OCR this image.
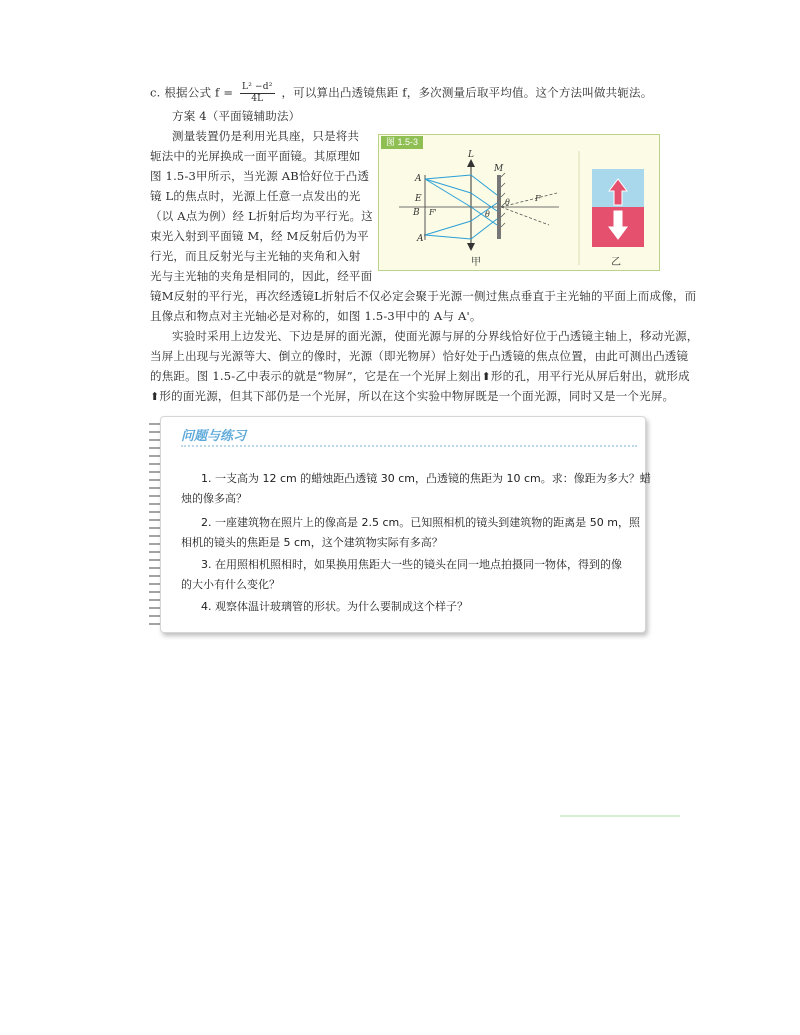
c. 根据公式 $f = \frac{\text{L² −d²}}{4L}$ ，可以算出凸透镜焦距 f，多次测量后取平均值。这个方法叫做共轭法。
方案 4（平面镜辅助法）
测量装置仍是利用光具座，只是将共
轭法中的光屏换成一面平面镜。其原理如
图 1.5-3甲所示，当光源 AB恰好位于凸透
镜 L的焦点时，光源上任意一点发出的光
（以 A点为例）经 L折射后均为平行光。这
束光入射到平面镜 M，经 M反射后仍为平
行光，而且反射光与主光轴的夹角和入射
光与主光轴的夹角是相同的，因此，经平面
图 1.5-3
L
M
A
E
B F'
A'
θ	F
θ
甲	乙
镜M反射的平行光，再次经透镜L折射后不仅必定会聚于光源一侧过焦点垂直于主光轴的平面上而成像，而
且像点和物点对主光轴必是对称的，如图 1.5-3甲中的 A与 A'。
实验时采用上边发光、下边是屏的面光源，使面光源与屏的分界线恰好位于凸透镜主轴上，移动光源，
当屏上出现与光源等大、倒立的像时，光源（即光物屏）恰好处于凸透镜的焦点位置，由此可测出凸透镜
的焦距。图 1.5-乙中表示的就是“物屏”，它是在一个光屏上刻出⬆形的孔，用平行光从屏后射出，就形成
⬆形的面光源，但其下部仍是一个光屏，所以在这个实验中物屏既是一个面光源，同时又是一个光屏。
问题与练习
1. 一支高为 12 cm 的蜡烛距凸透镜 30 cm，凸透镜的焦距为 10 cm。求：像距为多大？蜡
烛的像多高？
2. 一座建筑物在照片上的像高是 2.5 cm。已知照相机的镜头到建筑物的距离是 50 m，照
相机的镜头的焦距是 5 cm，这个建筑物实际有多高？
3. 在用照相机照相时，如果换用焦距大一些的镜头在同一地点拍摄同一物体，得到的像
的大小有什么变化？
4. 观察体温计玻璃管的形状。为什么要制成这个样子？
